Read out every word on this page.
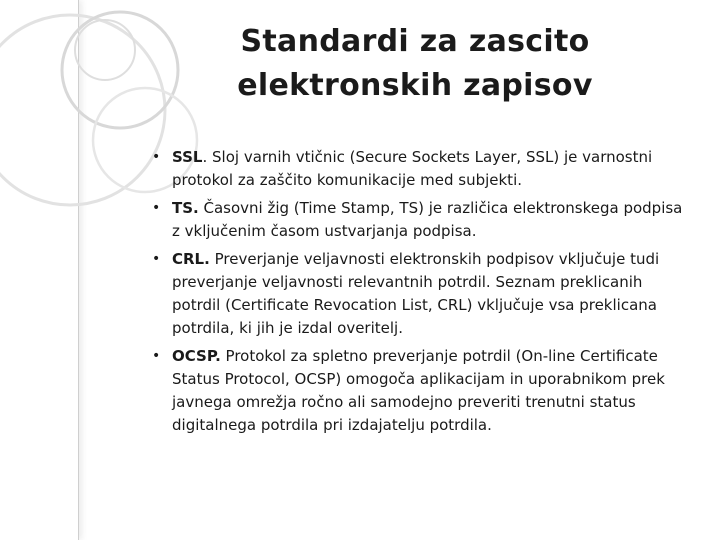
Standardi za zascito
elektronskih zapisov
• SSL. Sloj varnih vtičnic (Secure Sockets Layer, SSL) je varnostni protokol za zaščito komunikacije med subjekti.
• TS. Časovni žig (Time Stamp, TS) je različica elektronskega podpisa z vključenim časom ustvarjanja podpisa.
• CRL. Preverjanje veljavnosti elektronskih podpisov vključuje tudi preverjanje veljavnosti relevantnih potrdil. Seznam preklicanih potrdil (Certificate Revocation List, CRL) vključuje vsa preklicana potrdila, ki jih je izdal overitelj.
• OCSP. Protokol za spletno preverjanje potrdil (On-line Certificate Status Protocol, OCSP) omogoča aplikacijam in uporabnikom prek javnega omrežja ročno ali samodejno preveriti trenutni status digitalnega potrdila pri izdajatelju potrdila.
